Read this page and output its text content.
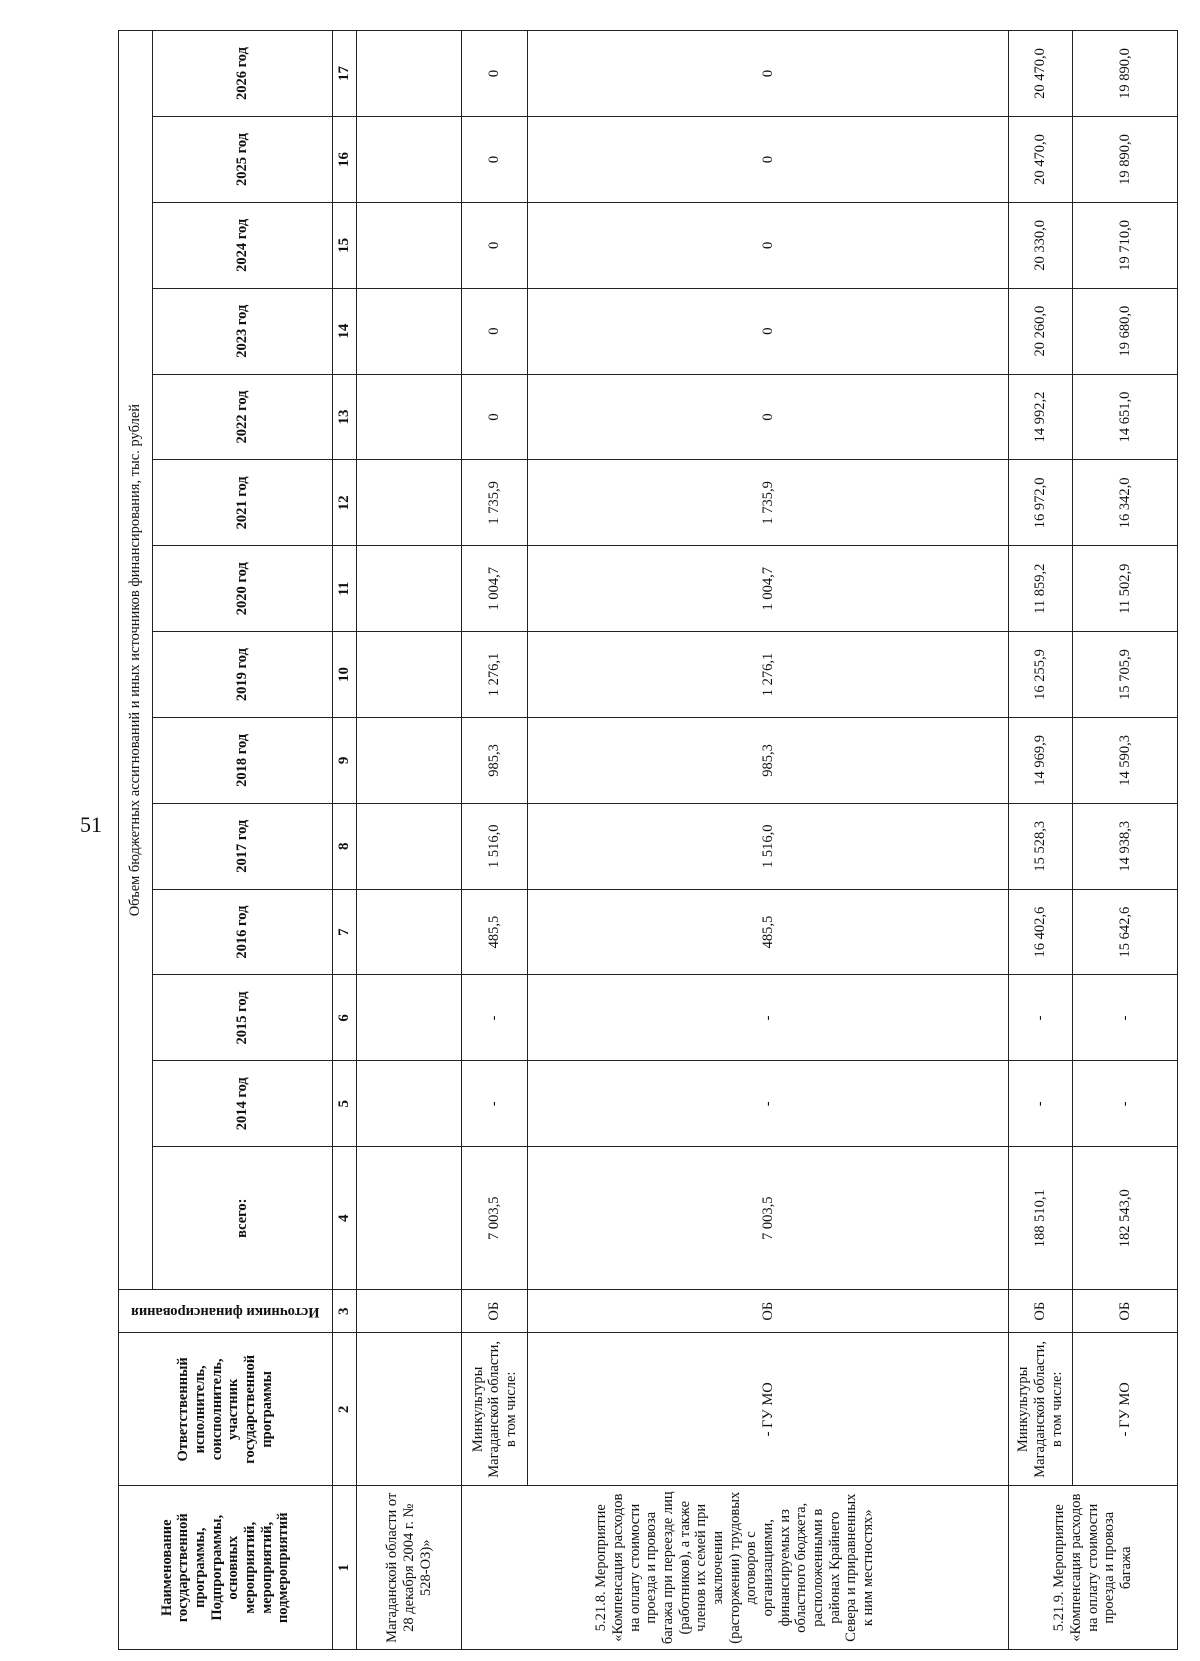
51
Наименование государственной программы, Подпрограммы, основных мероприятий, мероприятий, подмероприятий	Ответственный исполнитель, соисполнитель, участник государственной программы	Источники финансирования	Объем бюджетных ассигнований и иных источников финансирования, тыс. рублей													
			всего:	2014 год	2015 год	2016 год	2017 год	2018 год	2019 год	2020 год	2021 год	2022 год	2023 год	2024 год	2025 год	2026 год
1	2	3	4	5	6	7	8	9	10	11	12	13	14	15	16	17
Магаданской области от 28 декабря 2004 г. № 528-ОЗ)»																
5.21.8. Мероприятие «Компенсация расходов на оплату стоимости проезда и провоза багажа при переезде лиц (работников), а также членов их семей при заключении (расторжении) трудовых договоров с организациями, финансируемых из областного бюджета, расположенными в районах Крайнего Севера и приравненных к ним местностях»	Минкультуры Магаданской области, в том числе:	ОБ	7 003,5	-	-	485,5	1 516,0	985,3	1 276,1	1 004,7	1 735,9	0	0	0	0	0
	- ГУ МО	ОБ	7 003,5	-	-	485,5	1 516,0	985,3	1 276,1	1 004,7	1 735,9	0	0	0	0	0
5.21.9. Мероприятие «Компенсация расходов на оплату стоимости проезда и провоза багажа	Минкультуры Магаданской области, в том числе:	ОБ	188 510,1	-	-	16 402,6	15 528,3	14 969,9	16 255,9	11 859,2	16 972,0	14 992,2	20 260,0	20 330,0	20 470,0	20 470,0
	- ГУ МО	ОБ	182 543,0	-	-	15 642,6	14 938,3	14 590,3	15 705,9	11 502,9	16 342,0	14 651,0	19 680,0	19 710,0	19 890,0	19 890,0
